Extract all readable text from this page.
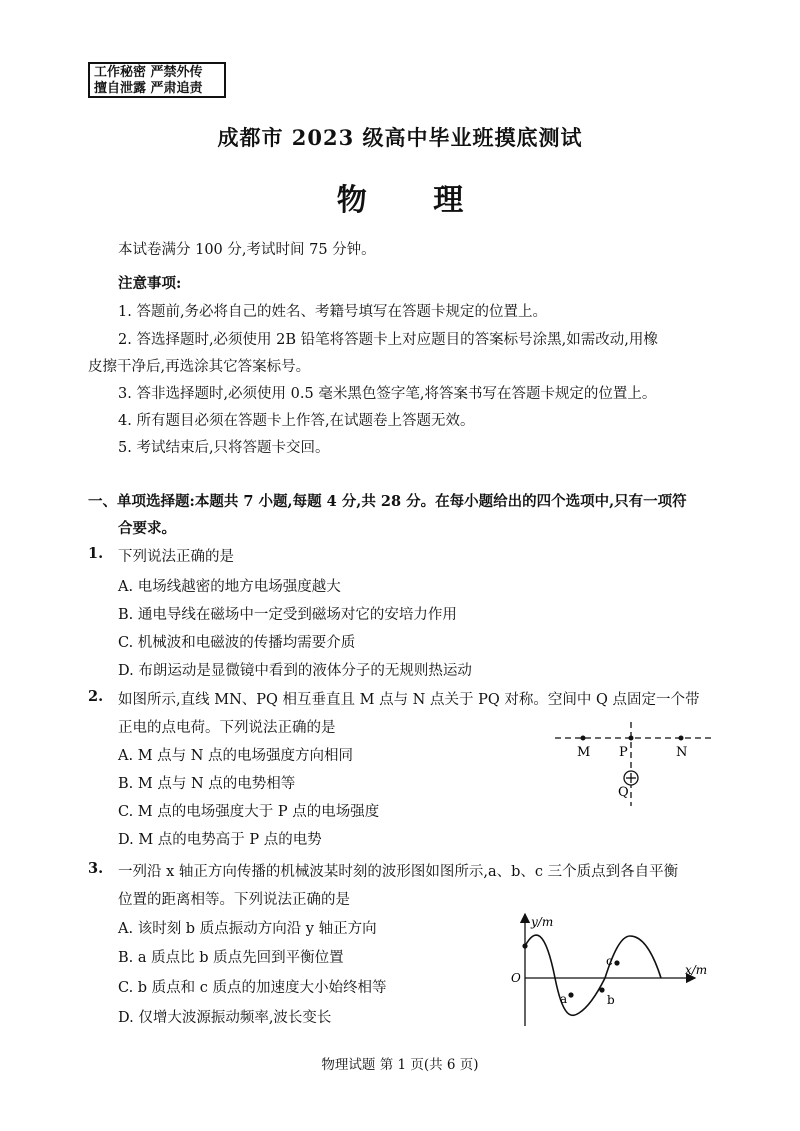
工作秘密 严禁外传
擅自泄露 严肃追责
成都市 2023 级高中毕业班摸底测试
物 理
本试卷满分 100 分,考试时间 75 分钟。
注意事项:
1. 答题前,务必将自己的姓名、考籍号填写在答题卡规定的位置上。
2. 答选择题时,必须使用 2B 铅笔将答题卡上对应题目的答案标号涂黑,如需改动,用橡
皮擦干净后,再选涂其它答案标号。
3. 答非选择题时,必须使用 0.5 毫米黑色签字笔,将答案书写在答题卡规定的位置上。
4. 所有题目必须在答题卡上作答,在试题卷上答题无效。
5. 考试结束后,只将答题卡交回。
一、单项选择题:本题共 7 小题,每题 4 分,共 28 分。在每小题给出的四个选项中,只有一项符
合要求。
1. 下列说法正确的是
A. 电场线越密的地方电场强度越大
B. 通电导线在磁场中一定受到磁场对它的安培力作用
C. 机械波和电磁波的传播均需要介质
D. 布朗运动是显微镜中看到的液体分子的无规则热运动
2. 如图所示,直线 MN、PQ 相互垂直且 M 点与 N 点关于 PQ 对称。空间中 Q 点固定一个带
正电的点电荷。下列说法正确的是
A. M 点与 N 点的电场强度方向相同
B. M 点与 N 点的电势相等
C. M 点的电场强度大于 P 点的电场强度
D. M 点的电势高于 P 点的电势
M P	N
Q
3. 一列沿 x 轴正方向传播的机械波某时刻的波形图如图所示,a、b、c 三个质点到各自平衡
位置的距离相等。下列说法正确的是
A. 该时刻 b 质点振动方向沿 y 轴正方向
B. a 质点比 b 质点先回到平衡位置
C. b 质点和 c 质点的加速度大小始终相等
D. 仅增大波源振动频率,波长变长
y/m
x/m
O
a	b
c
物理试题 第 1 页(共 6 页)
